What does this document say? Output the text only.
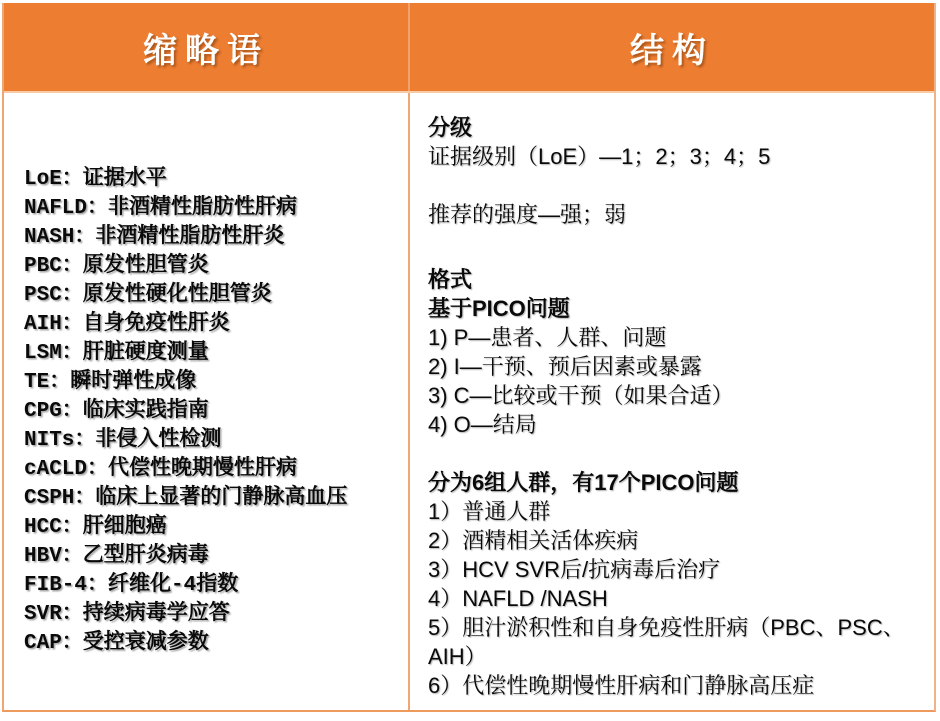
缩略语	结构
LoE：证据水平
NAFLD：非酒精性脂肪性肝病
NASH：非酒精性脂肪性肝炎
PBC：原发性胆管炎
PSC：原发性硬化性胆管炎
AIH：自身免疫性肝炎
LSM：肝脏硬度测量
TE：瞬时弹性成像
CPG：临床实践指南
NITs：非侵入性检测
cACLD：代偿性晚期慢性肝病
CSPH：临床上显著的门静脉高血压
HCC：肝细胞癌
HBV：乙型肝炎病毒
FIB-4：纤维化-4指数
SVR：持续病毒学应答
CAP：受控衰减参数
分级
证据级别（LoE）—1；2；3；4；5
推荐的强度—强；弱
格式
基于PICO问题
1) P—患者、人群、问题
2) I—干预、预后因素或暴露
3) C—比较或干预（如果合适）
4) O—结局
分为6组人群，有17个PICO问题
1）普通人群
2）酒精相关活体疾病
3）HCV SVR后/抗病毒后治疗
4）NAFLD /NASH
5）胆汁淤积性和自身免疫性肝病（PBC、PSC、AIH）
6）代偿性晚期慢性肝病和门静脉高压症
